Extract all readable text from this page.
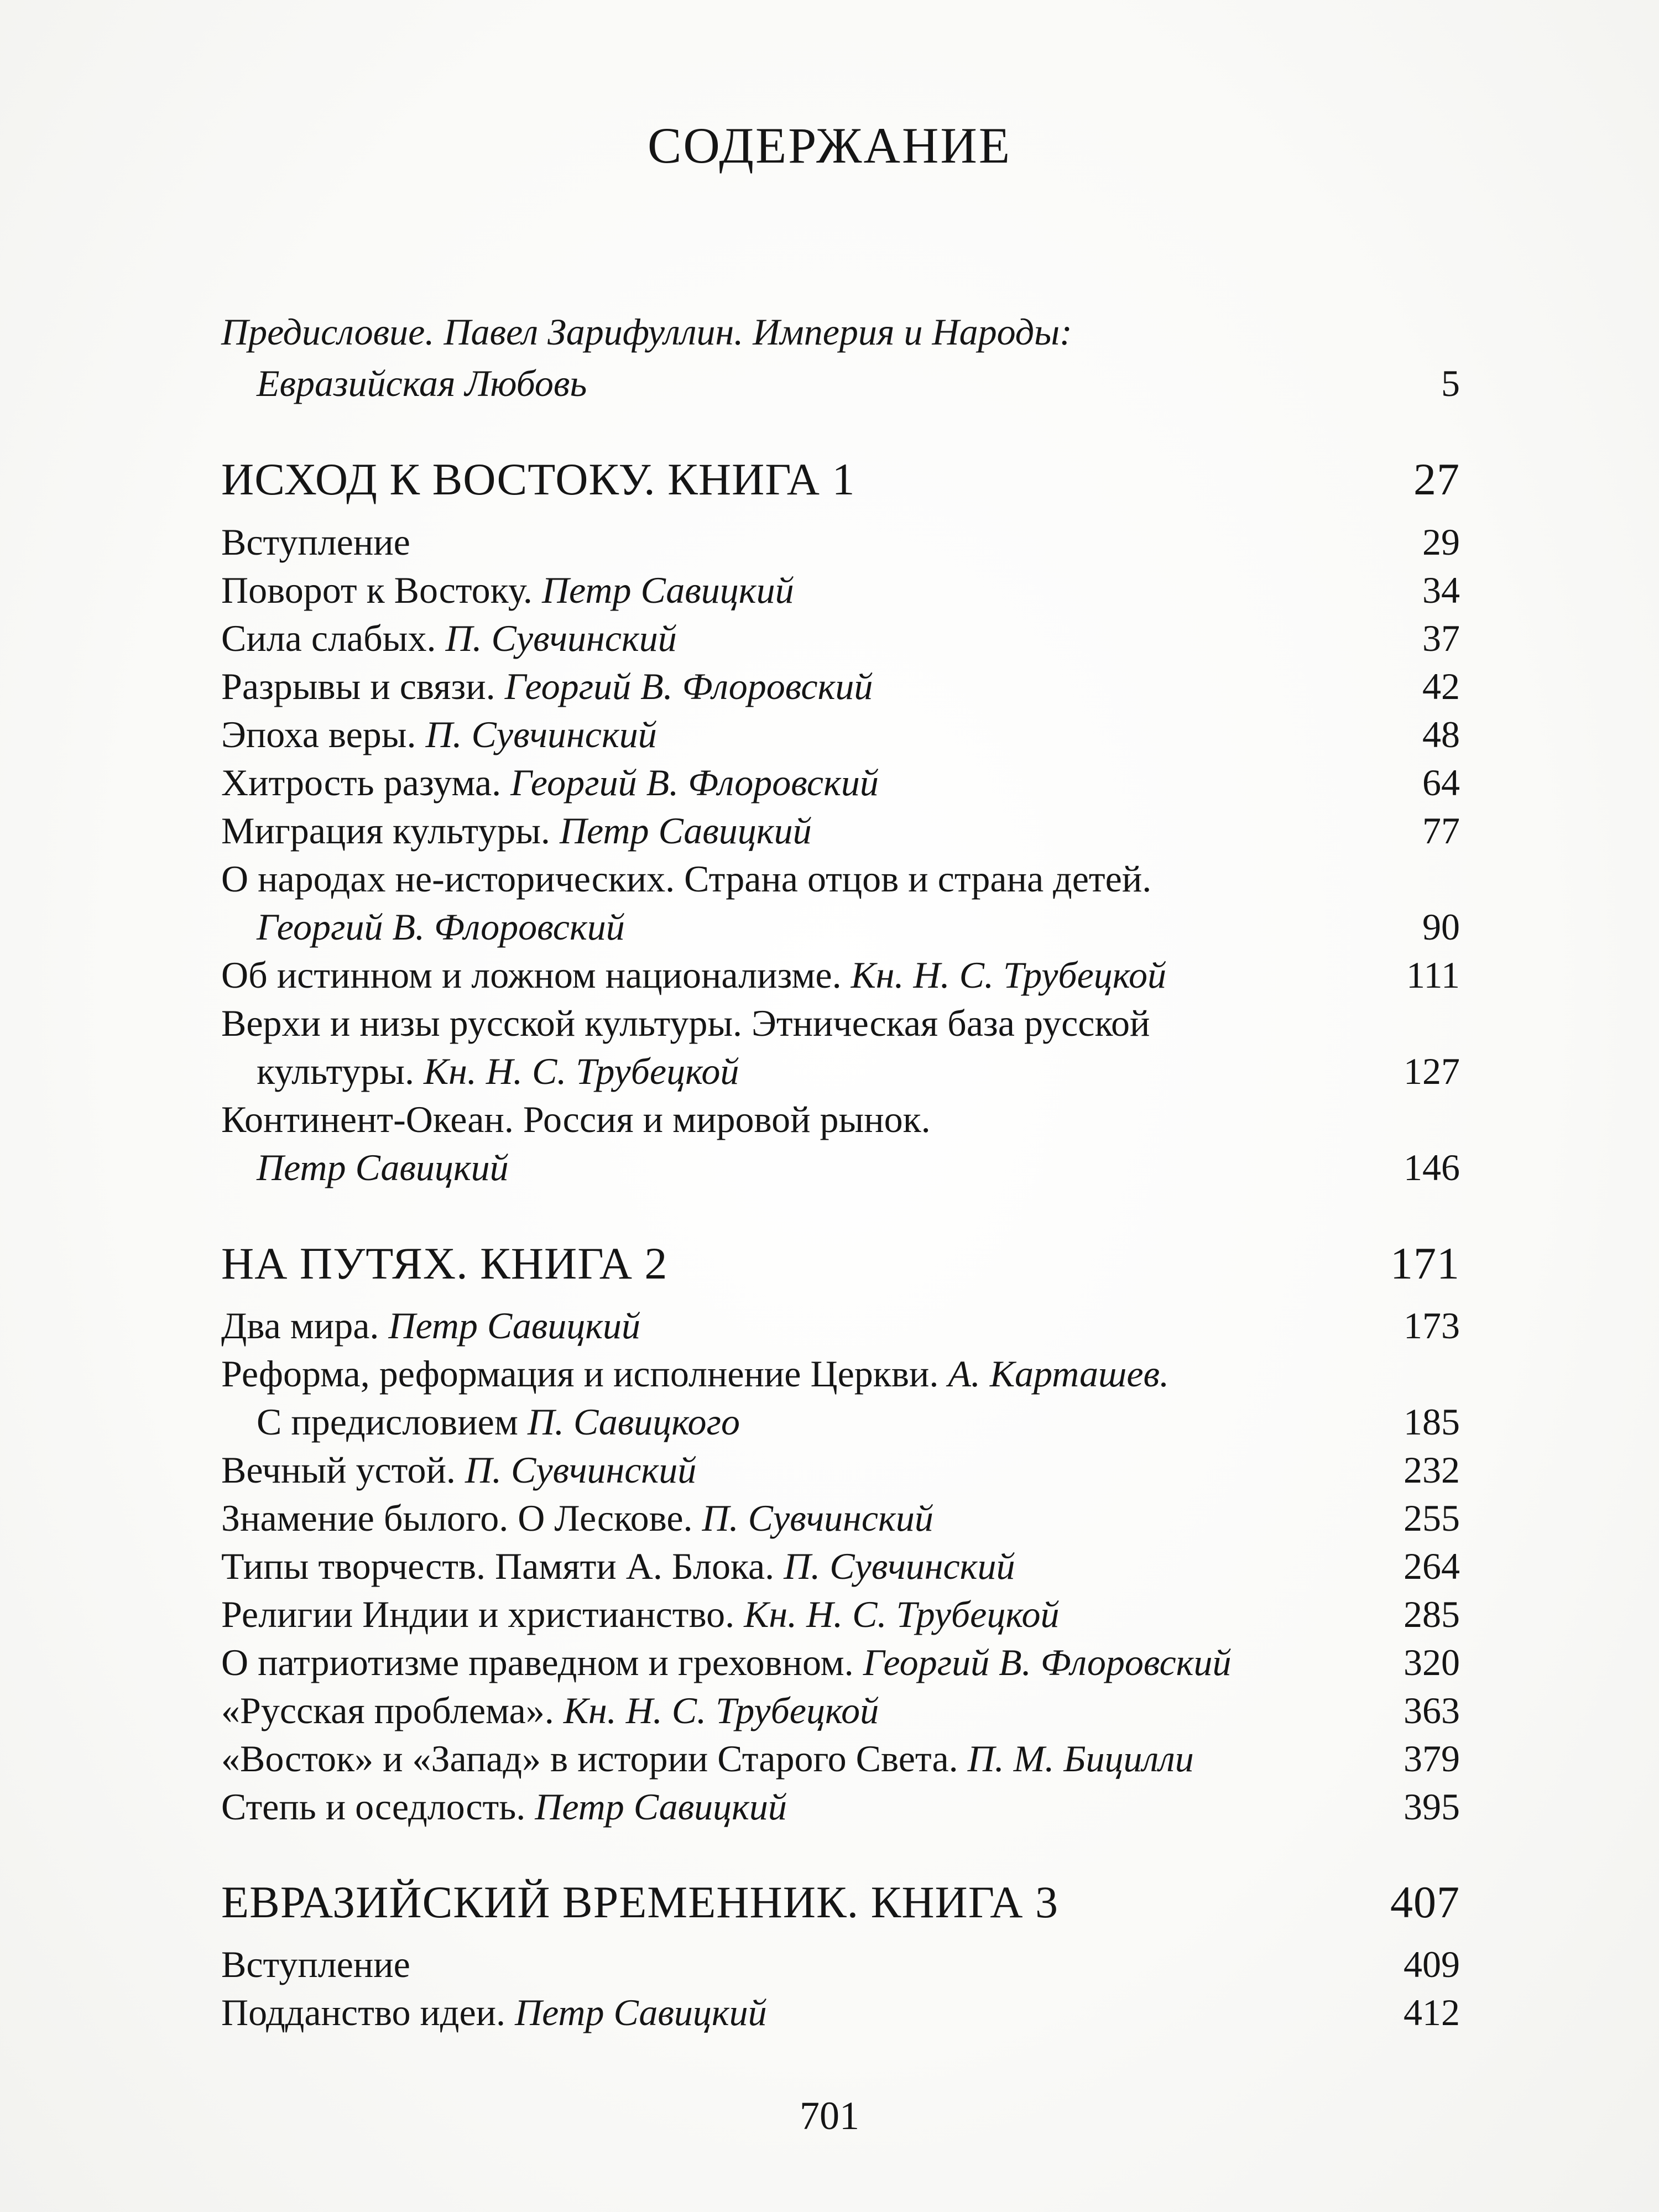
СОДЕРЖАНИЕ
Предисловие. Павел Зарифуллин. Империя и Народы:
Евразийская Любовь . . .	5
ИСХОД К ВОСТОКУ. КНИГА 1 . . .	27
Вступление . . .	29
Поворот к Востоку.
Петр Савицкий . . .	34
Сила слабых.
П. Сувчинский . . .	37
Разрывы и связи.
Георгий В. Флоровский . . .	42
Эпоха веры.
П. Сувчинский . . .	48
Хитрость разума.
Георгий В. Флоровский . . .	64
Миграция культуры.
Петр Савицкий . . .	77
О народах не-исторических. Страна отцов и страна детей.
Георгий В. Флоровский . . .	90
Об истинном и ложном национализме.
Кн. Н. С. Трубецкой . . .	111
Верхи и низы русской культуры. Этническая база русской
культуры.
Кн. Н. С. Трубецкой . . .	127
Континент-Океан. Россия и мировой рынок.
Петр Савицкий . . .	146
НА ПУТЯХ. КНИГА 2 . . .	171
Два мира.
Петр Савицкий . . .	173
Реформа, реформация и исполнение Церкви.
А. Карташев.
С предисловием
П. Савицкого . . .	185
Вечный устой.
П. Сувчинский . . .	232
Знамение былого. О Лескове.
П. Сувчинский . . .	255
Типы творчеств. Памяти А. Блока.
П. Сувчинский . . .	264
Религии Индии и христианство.
Кн. Н. С. Трубецкой . . .	285
О патриотизме праведном и греховном.
Георгий В. Флоровский . . .	320
«Русская проблема».
Кн. Н. С. Трубецкой . . .	363
«Восток» и «Запад» в истории Старого Света.
П. М. Бицилли . . .	379
Степь и оседлость.
Петр Савицкий . . .	395
ЕВРАЗИЙСКИЙ ВРЕМЕННИК. КНИГА 3 . . .	407
Вступление . . .	409
Подданство идеи.
Петр Савицкий . . .	412
701
